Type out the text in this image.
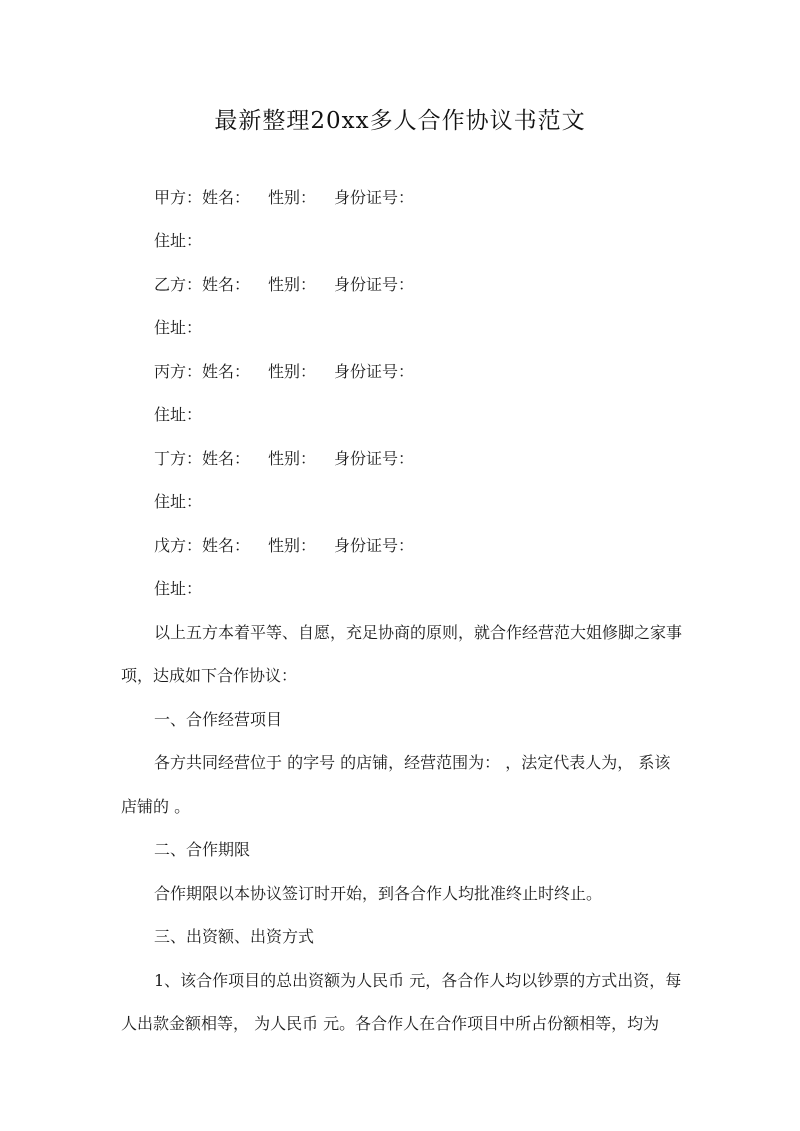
最新整理20xx多人合作协议书范文
甲方：姓名： 性别： 身份证号：
住址：
乙方：姓名： 性别： 身份证号：
住址：
丙方：姓名： 性别： 身份证号：
住址：
丁方：姓名： 性别： 身份证号：
住址：
戊方：姓名： 性别： 身份证号：
住址：
以上五方本着平等、自愿，充足协商的原则，就合作经营范大姐修脚之家事
项，达成如下合作协议：
一、合作经营项目
各方共同经营位于 的字号 的店铺，经营范围为： ，法定代表人为， 系该
店铺的 。
二、合作期限
合作期限以本协议签订时开始，到各合作人均批准终止时终止。
三、出资额、出资方式
1、该合作项目的总出资额为人民币 元，各合作人均以钞票的方式出资，每
人出款金额相等， 为人民币 元。各合作人在合作项目中所占份额相等，均为
